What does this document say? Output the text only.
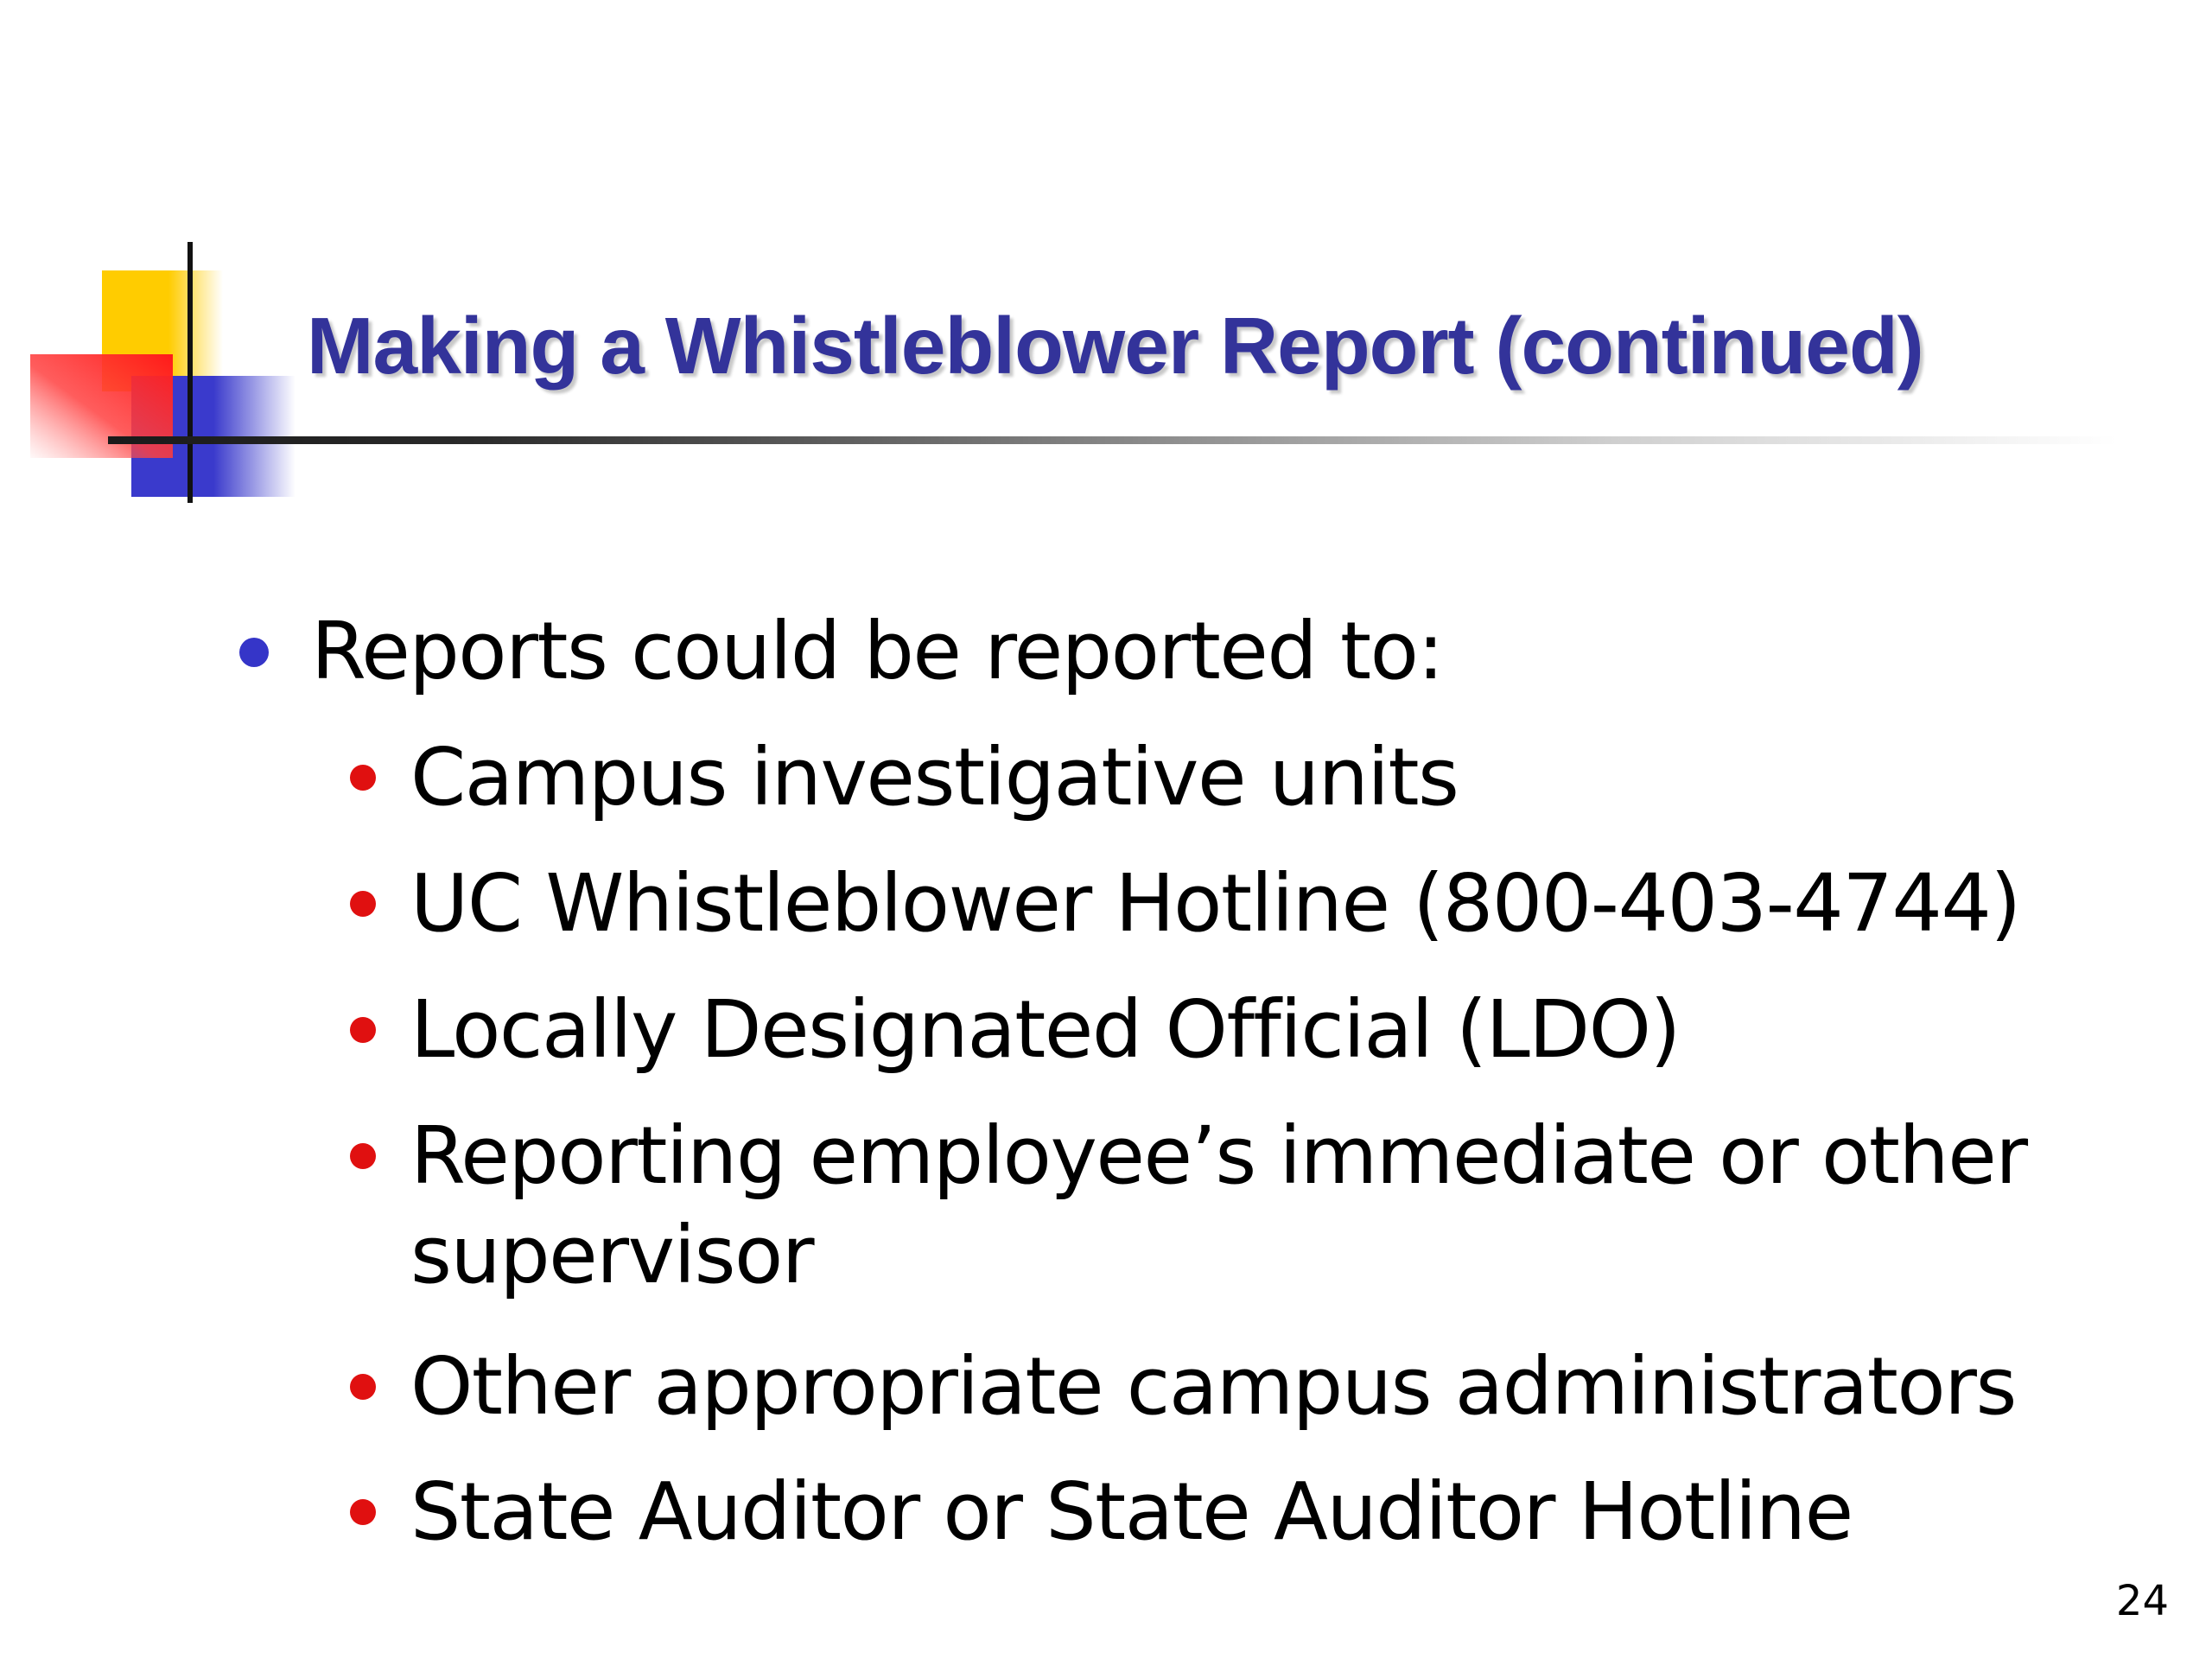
Making a Whistleblower Report (continued)
Reports could be reported to:
Campus investigative units
UC Whistleblower Hotline (800-403-4744)
Locally Designated Official (LDO)
Reporting employee’s immediate or other
supervisor
Other appropriate campus administrators
State Auditor or State Auditor Hotline
24
